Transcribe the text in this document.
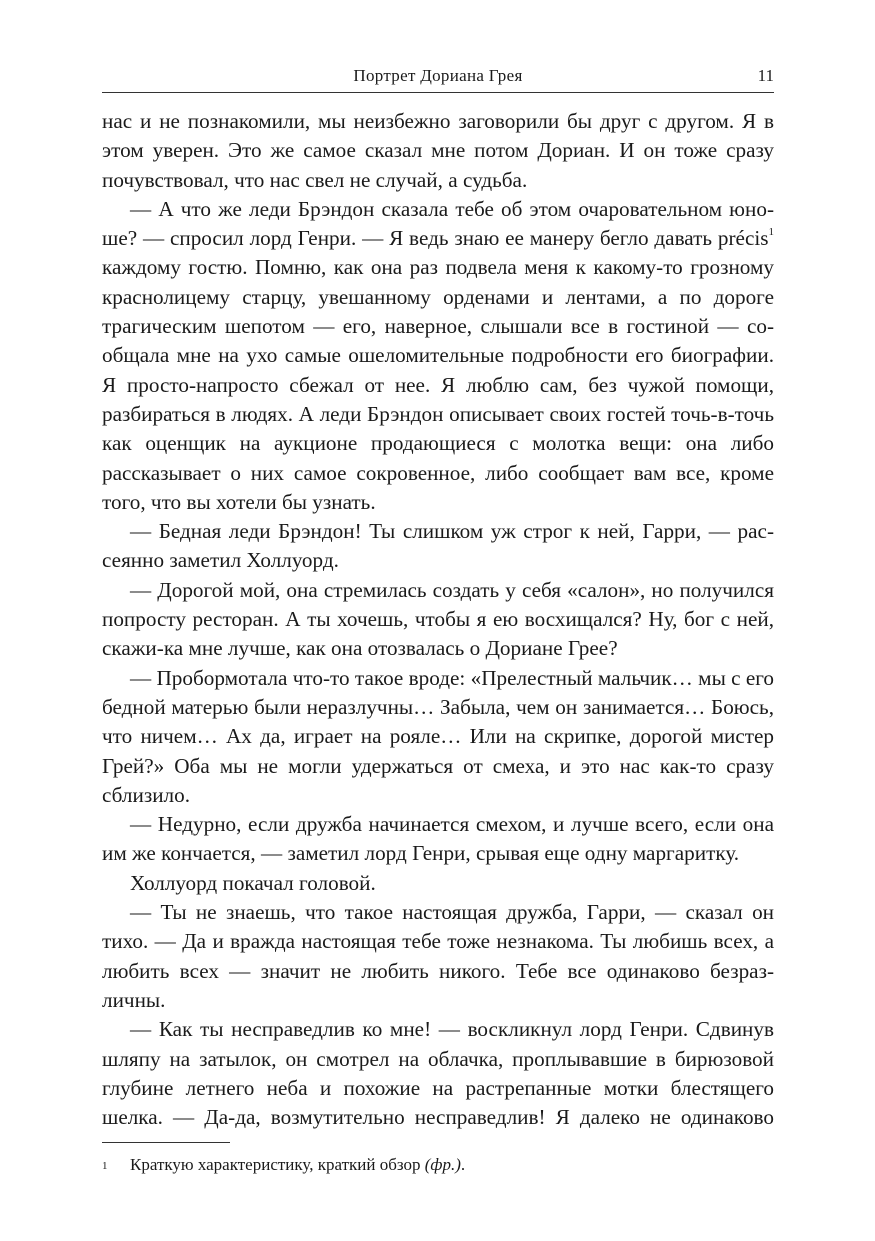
Портрет Дориана Грея	11

нас и не познакомили, мы неизбежно заговорили бы друг с другом. Я в этом уверен. Это же самое сказал мне потом Дориан. И он тоже сразу почувствовал, что нас свел не случай, а судьба.

— А что же леди Брэндон сказала тебе об этом очаровательном юноше? — спросил лорд Генри. — Я ведь знаю ее манеру бегло давать précis$^1$ каждому гостю. Помню, как она раз подвела меня к какому-то грозному краснолицему старцу, увешанному орденами и лентами, а по дороге трагическим шепотом — его, наверное, слышали все в гостиной — сообщала мне на ухо самые ошеломительные подробности его биографии. Я просто-напросто сбежал от нее. Я люблю сам, без чужой помощи, разбираться в людях. А леди Брэндон описывает своих гостей точь-в-точь как оценщик на аукционе продающиеся с молотка вещи: она либо рассказывает о них самое сокровенное, либо сообщает вам все, кроме того, что вы хотели бы узнать.

— Бедная леди Брэндон! Ты слишком уж строг к ней, Гарри, — рассеянно заметил Холлуорд.

— Дорогой мой, она стремилась создать у себя «салон», но получился попросту ресторан. А ты хочешь, чтобы я ею восхищался? Ну, бог с ней, скажи-ка мне лучше, как она отозвалась о Дориане Грее?

— Пробормотала что-то такое вроде: «Прелестный мальчик… мы с его бедной матерью были неразлучны… Забыла, чем он занимается… Боюсь, что ничем… Ах да, играет на рояле… Или на скрипке, дорогой мистер Грей?» Оба мы не могли удержаться от смеха, и это нас как-то сразу сблизило.

— Недурно, если дружба начинается смехом, и лучше всего, если она им же кончается, — заметил лорд Генри, срывая еще одну маргаритку.

Холлуорд покачал головой.

— Ты не знаешь, что такое настоящая дружба, Гарри, — сказал он тихо. — Да и вражда настоящая тебе тоже незнакома. Ты любишь всех, а любить всех — значит не любить никого. Тебе все одинаково безразличны.

— Как ты несправедлив ко мне! — воскликнул лорд Генри. Сдвинув шляпу на затылок, он смотрел на облачка, проплывавшие в бирюзовой глубине летнего неба и похожие на растрепанные мотки блестящего шелка. — Да-да, возмутительно несправедлив! Я далеко не одинаково

1 Краткую характеристику, краткий обзор (фр.).
